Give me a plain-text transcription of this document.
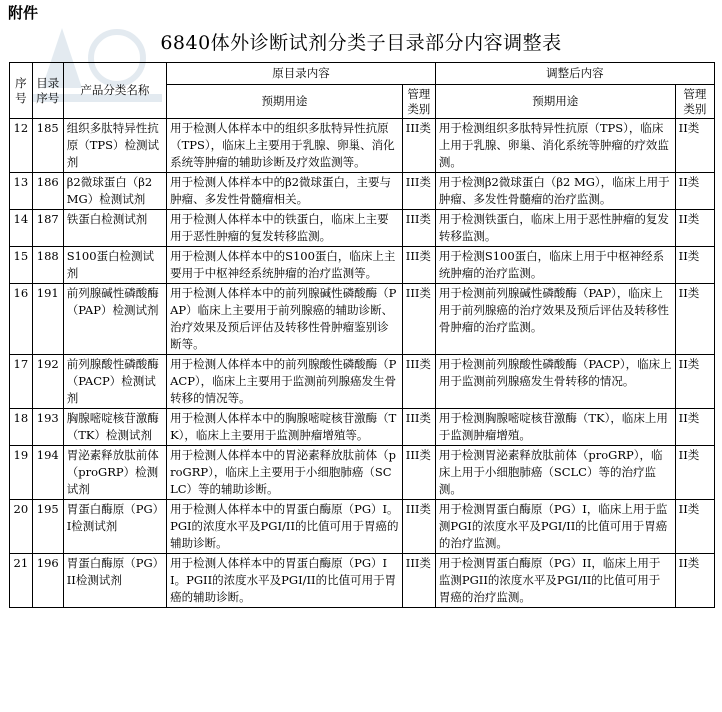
附件
6840体外诊断试剂分类子目录部分内容调整表
序号	目录序号	产品分类名称	原目录内容		调整后内容	
			预期用途	管理类别	预期用途	管理类别
12	185	组织多肽特异性抗原（TPS）检测试剂	用于检测人体样本中的组织多肽特异性抗原（TPS），临床上主要用于乳腺、卵巢、消化系统等肿瘤的辅助诊断及疗效监测等。	III类	用于检测组织多肽特异性抗原（TPS），临床上用于乳腺、卵巢、消化系统等肿瘤的疗效监测。	II类
13	186	β2微球蛋白（β2 MG）检测试剂	用于检测人体样本中的β2微球蛋白，主要与肿瘤、多发性骨髓瘤相关。	III类	用于检测β2微球蛋白（β2 MG），临床上用于肿瘤、多发性骨髓瘤的治疗监测。	II类
14	187	铁蛋白检测试剂	用于检测人体样本中的铁蛋白，临床上主要用于恶性肿瘤的复发转移监测。	III类	用于检测铁蛋白，临床上用于恶性肿瘤的复发转移监测。	II类
15	188	S100蛋白检测试剂	用于检测人体样本中的S100蛋白，临床上主要用于中枢神经系统肿瘤的治疗监测等。	III类	用于检测S100蛋白，临床上用于中枢神经系统肿瘤的治疗监测。	II类
16	191	前列腺碱性磷酸酶（PAP）检测试剂	用于检测人体样本中的前列腺碱性磷酸酶（PAP）临床上主要用于前列腺癌的辅助诊断、治疗效果及预后评估及转移性骨肿瘤鉴别诊断等。	III类	用于检测前列腺碱性磷酸酶（PAP），临床上用于前列腺癌的治疗效果及预后评估及转移性骨肿瘤的治疗监测。	II类
17	192	前列腺酸性磷酸酶（PACP）检测试剂	用于检测人体样本中的前列腺酸性磷酸酶（PACP），临床上主要用于监测前列腺癌发生骨转移的情况等。	III类	用于检测前列腺酸性磷酸酶（PACP），临床上用于监测前列腺癌发生骨转移的情况。	II类
18	193	胸腺嘧啶核苷激酶（TK）检测试剂	用于检测人体样本中的胸腺嘧啶核苷激酶（TK），临床上主要用于监测肿瘤增殖等。	III类	用于检测胸腺嘧啶核苷激酶（TK），临床上用于监测肿瘤增殖。	II类
19	194	胃泌素释放肽前体（proGRP）检测试剂	用于检测人体样本中的胃泌素释放肽前体（proGRP），临床上主要用于小细胞肺癌（SCLC）等的辅助诊断。	III类	用于检测胃泌素释放肽前体（proGRP），临床上用于小细胞肺癌（SCLC）等的治疗监测。	II类
20	195	胃蛋白酶原（PG）I检测试剂	用于检测人体样本中的胃蛋白酶原（PG）I。PGI的浓度水平及PGI/II的比值可用于胃癌的辅助诊断。	III类	用于检测胃蛋白酶原（PG）I，临床上用于监测PGI的浓度水平及PGI/II的比值可用于胃癌的治疗监测。	II类
21	196	胃蛋白酶原（PG）II检测试剂	用于检测人体样本中的胃蛋白酶原（PG）II。PGII的浓度水平及PGI/II的比值可用于胃癌的辅助诊断。	III类	用于检测胃蛋白酶原（PG）II，临床上用于监测PGII的浓度水平及PGI/II的比值可用于胃癌的治疗监测。	II类
